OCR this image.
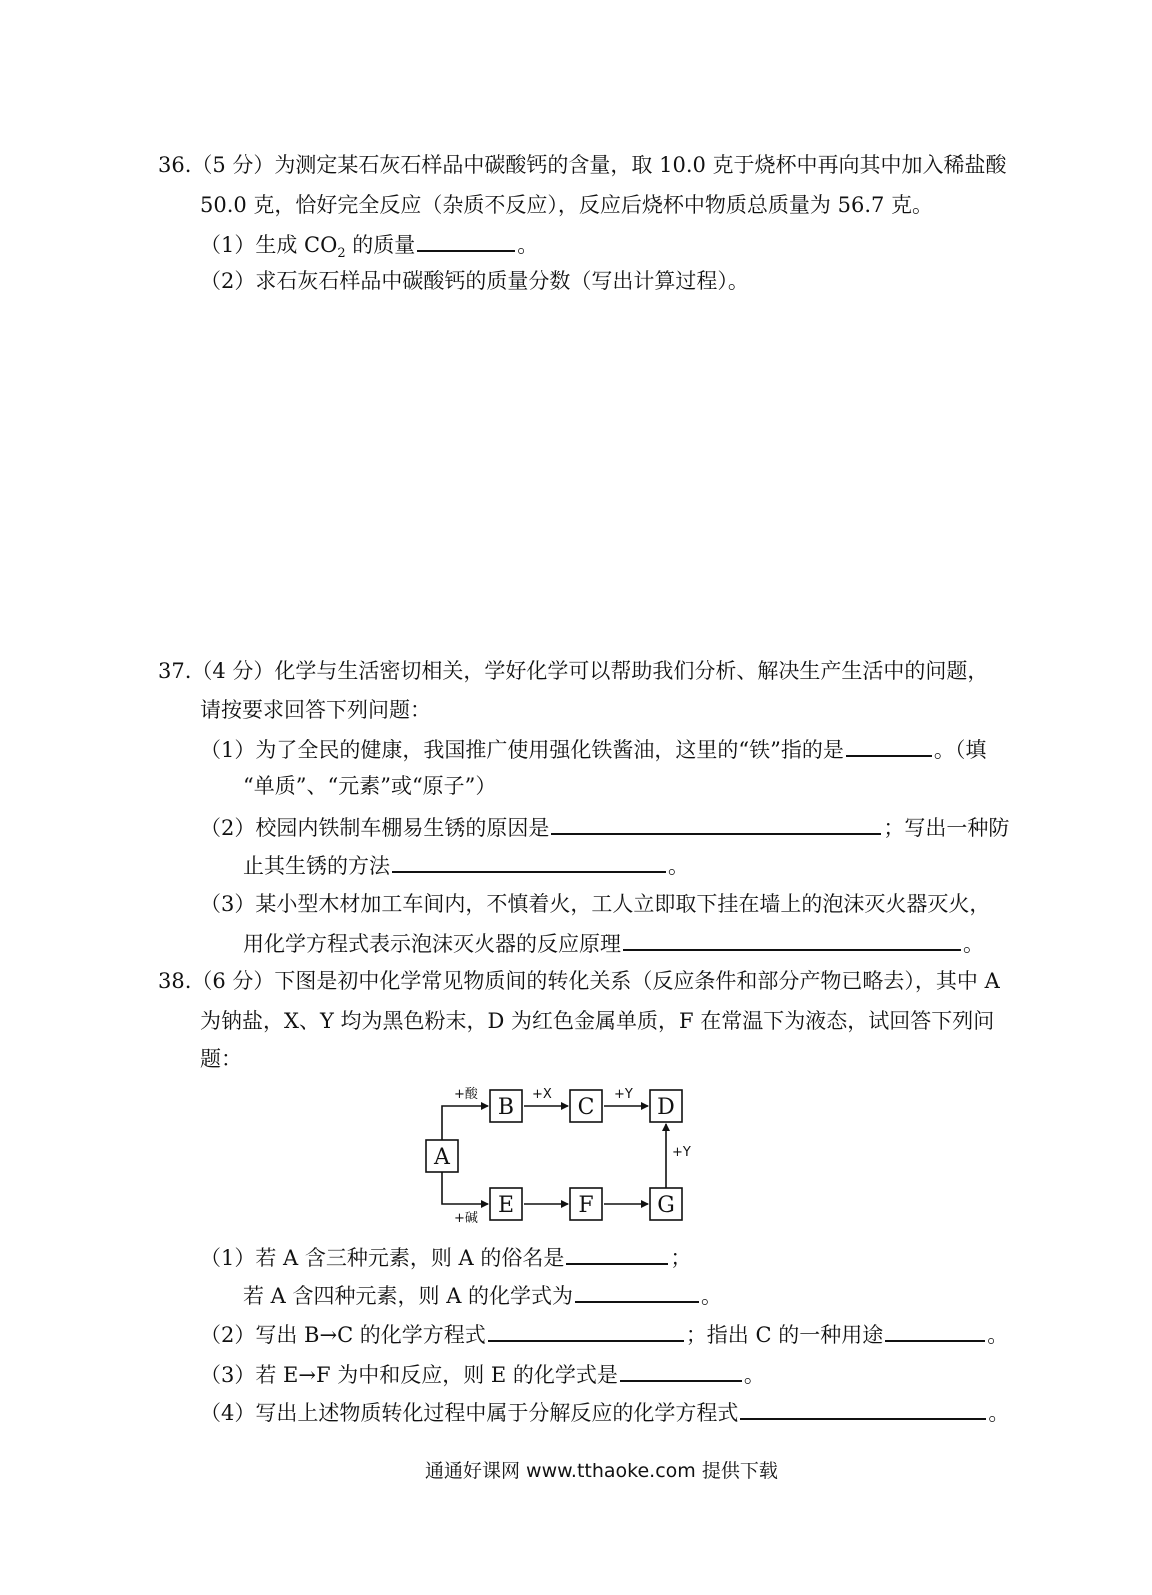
36.（5 分）为测定某石灰石样品中碳酸钙的含量，取 10.0 克于烧杯中再向其中加入稀盐酸
50.0 克，恰好完全反应（杂质不反应），反应后烧杯中物质总质量为 56.7 克。
（1）生成 $CO_2$ 的质量	。
（2）求石灰石样品中碳酸钙的质量分数（写出计算过程）。
37.（4 分）化学与生活密切相关，学好化学可以帮助我们分析、解决生产生活中的问题，
请按要求回答下列问题：
（1）为了全民的健康，我国推广使用强化铁酱油，这里的“铁”指的是	。（填
“单质”、“元素”或“原子”）
（2）校园内铁制车棚易生锈的原因是	；写出一种防
止其生锈的方法	。
（3）某小型木材加工车间内，不慎着火，工人立即取下挂在墙上的泡沫灭火器灭火，
用化学方程式表示泡沫灭火器的反应原理	。
38.（6 分）下图是初中化学常见物质间的转化关系（反应条件和部分产物已略去），其中 A
为钠盐，X、Y 均为黑色粉末，D 为红色金属单质，F 在常温下为液态，试回答下列问
题：
A
B	C	D
E	F	G
+酸	+X	+Y
+Y
+碱
（1）若 A 含三种元素，则 A 的俗名是	；
若 A 含四种元素，则 A 的化学式为	。
（2）写出 B→C 的化学方程式	；指出 C 的一种用途	。
（3）若 E→F 为中和反应，则 E 的化学式是	。
（4）写出上述物质转化过程中属于分解反应的化学方程式	。
通通好课网 www.tthaoke.com 提供下载
